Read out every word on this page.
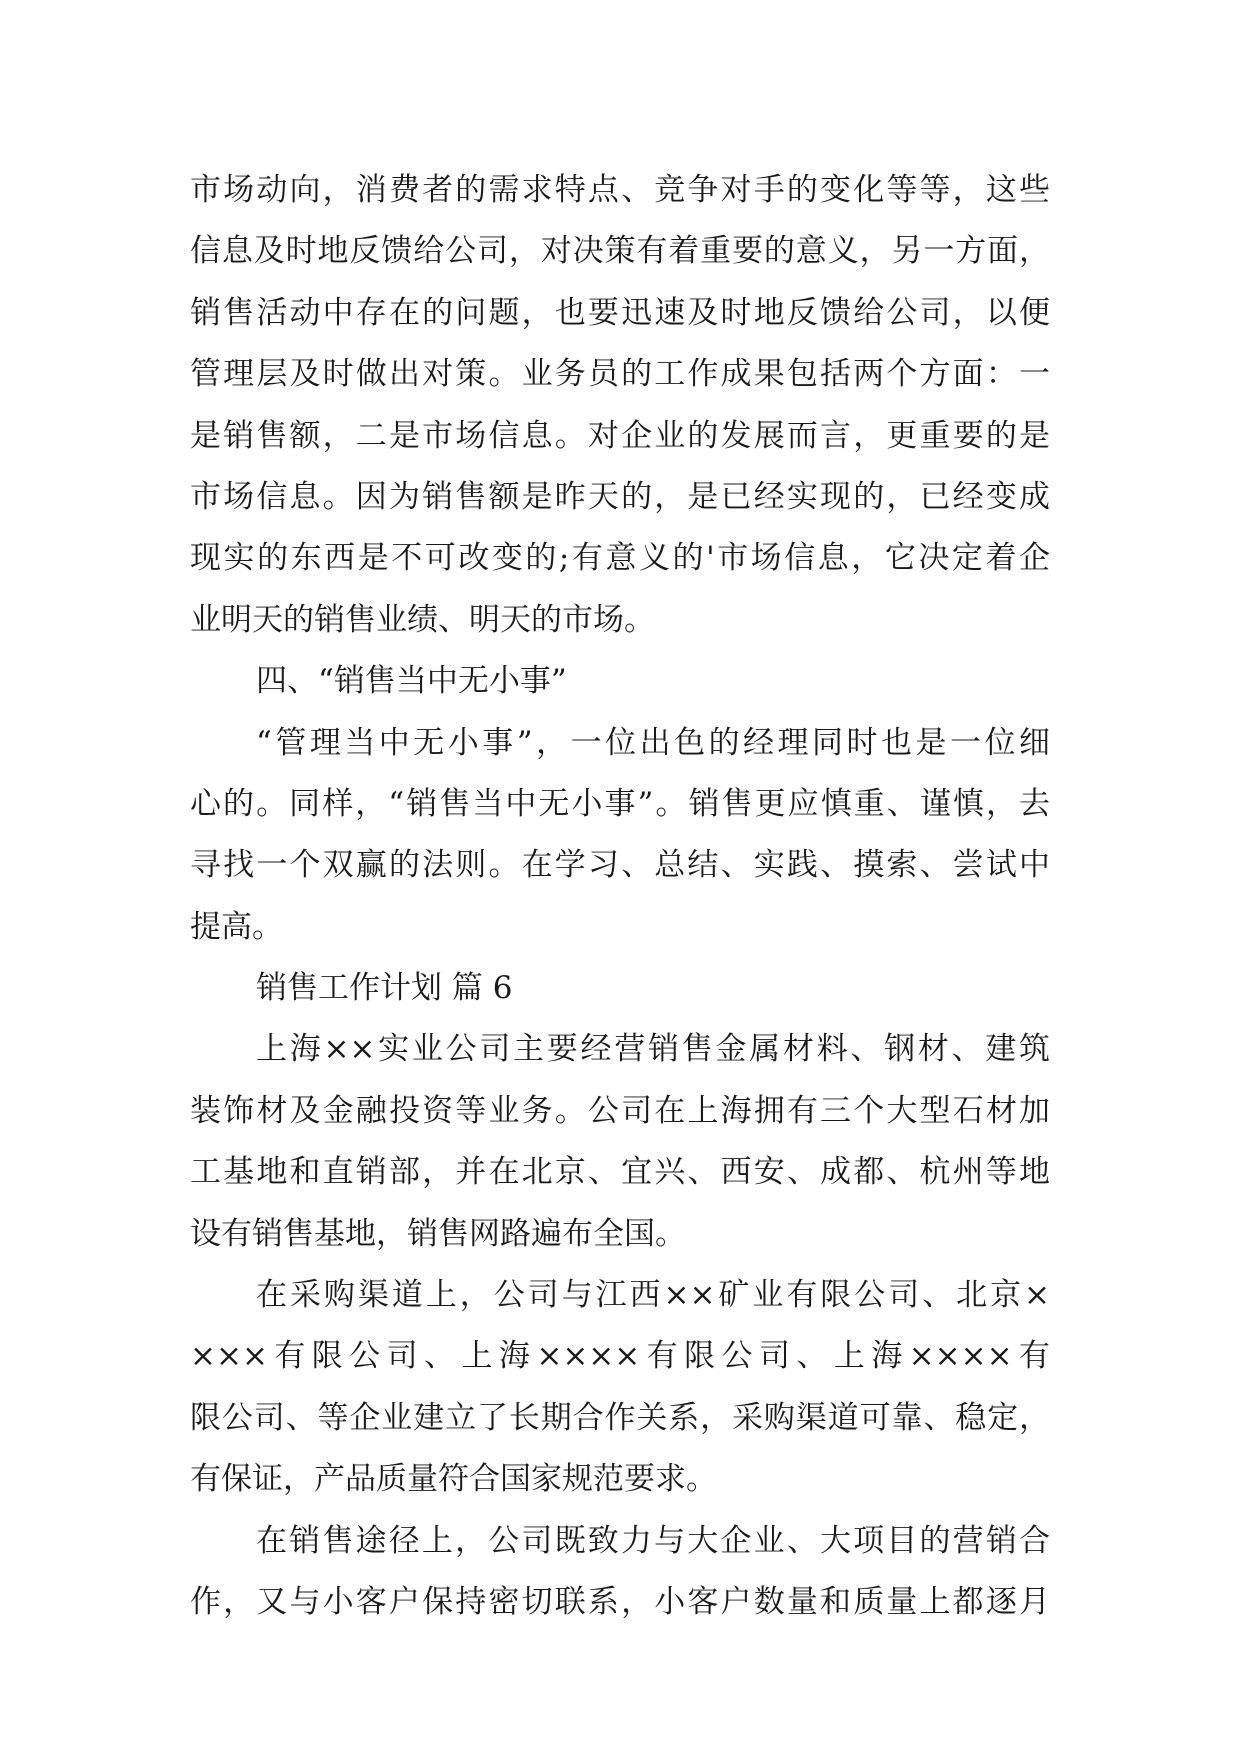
市场动向，消费者的需求特点、竞争对手的变化等等，这些
信息及时地反馈给公司，对决策有着重要的意义，另一方面，
销售活动中存在的问题，也要迅速及时地反馈给公司，以便
管理层及时做出对策。业务员的工作成果包括两个方面：一
是销售额，二是市场信息。对企业的发展而言，更重要的是
市场信息。因为销售额是昨天的，是已经实现的，已经变成
现实的东西是不可改变的;有意义的'市场信息，它决定着企
业明天的销售业绩、明天的市场。
四、“销售当中无小事”
“管理当中无小事”，一位出色的经理同时也是一位细
心的。同样，“销售当中无小事”。销售更应慎重、谨慎，去
寻找一个双赢的法则。在学习、总结、实践、摸索、尝试中
提高。
销售工作计划 篇 6
上海××实业公司主要经营销售金属材料、钢材、建筑
装饰材及金融投资等业务。公司在上海拥有三个大型石材加
工基地和直销部，并在北京、宜兴、西安、成都、杭州等地
设有销售基地，销售网路遍布全国。
在采购渠道上，公司与江西××矿业有限公司、北京×
×××有限公司、上海××××有限公司、上海××××有
限公司、等企业建立了长期合作关系，采购渠道可靠、稳定，
有保证，产品质量符合国家规范要求。
在销售途径上，公司既致力与大企业、大项目的营销合
作，又与小客户保持密切联系，小客户数量和质量上都逐月
